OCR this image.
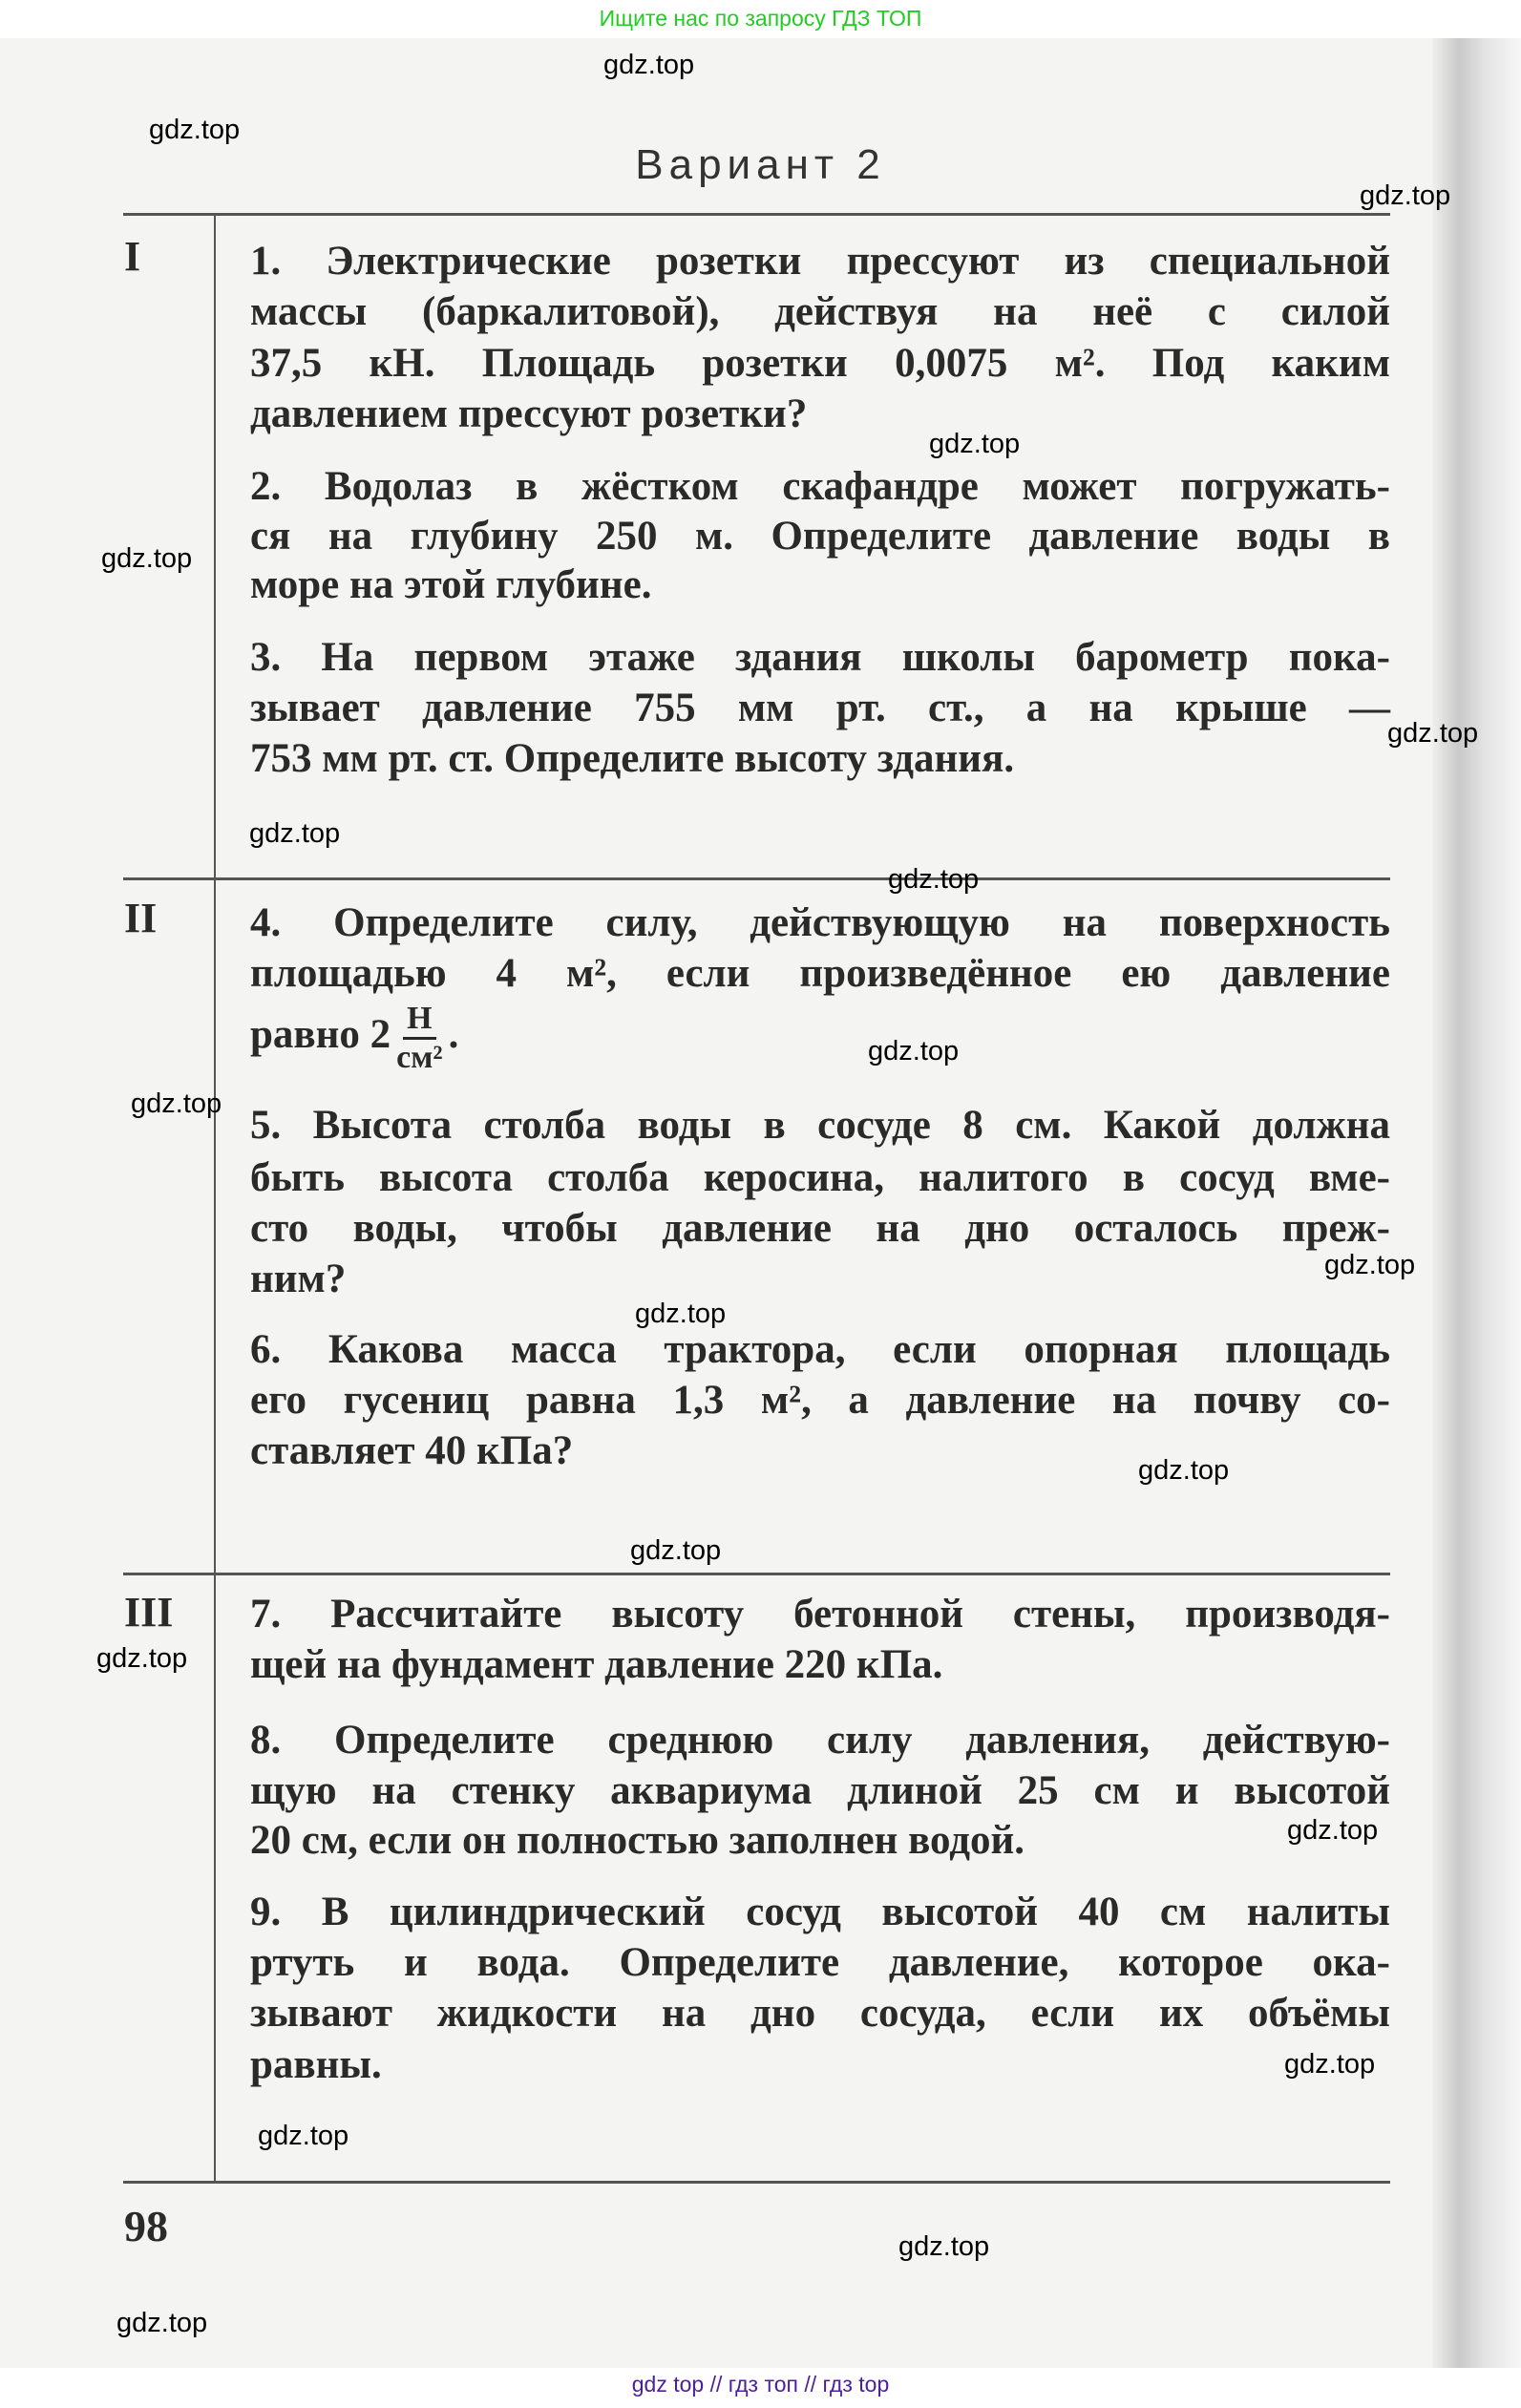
Ищите нас по запросу ГДЗ ТОП
Вариант 2
I
II
III
1. Электрические розетки прессуют из специальной
массы (баркалитовой), действуя на неё с силой
37,5 кН. Площадь розетки 0,0075 м². Под каким
давлением прессуют розетки?
2. Водолаз в жёстком скафандре может погружать-
ся на глубину 250 м. Определите давление воды в
море на этой глубине.
3. На первом этаже здания школы барометр пока-
зывает давление 755 мм рт. ст., а на крыше —
753 мм рт. ст. Определите высоту здания.
4. Определите силу, действующую на поверхность
площадью 4 м², если произведённое ею давление
равно $2 \frac{Н}{\text{см²}}$ .
5. Высота столба воды в сосуде 8 см. Какой должна
быть высота столба керосина, налитого в сосуд вме-
сто воды, чтобы давление на дно осталось преж-
ним?
6. Какова масса трактора, если опорная площадь
его гусениц равна 1,3 м², а давление на почву со-
ставляет 40 кПа?
7. Рассчитайте высоту бетонной стены, производя-
щей на фундамент давление 220 кПа.
8. Определите среднюю силу давления, действую-
щую на стенку аквариума длиной 25 см и высотой
20 см, если он полностью заполнен водой.
9. В цилиндрический сосуд высотой 40 см налиты
ртуть и вода. Определите давление, которое ока-
зывают жидкости на дно сосуда, если их объёмы
равны.
98
gdz.top
gdz.top
gdz.top
gdz.top
gdz.top
gdz.top
gdz.top
gdz.top
gdz.top
gdz.top
gdz.top
gdz.top
gdz.top
gdz.top
gdz.top
gdz.top
gdz.top
gdz.top
gdz.top
gdz.top
gdz top // гдз топ // гдз top
